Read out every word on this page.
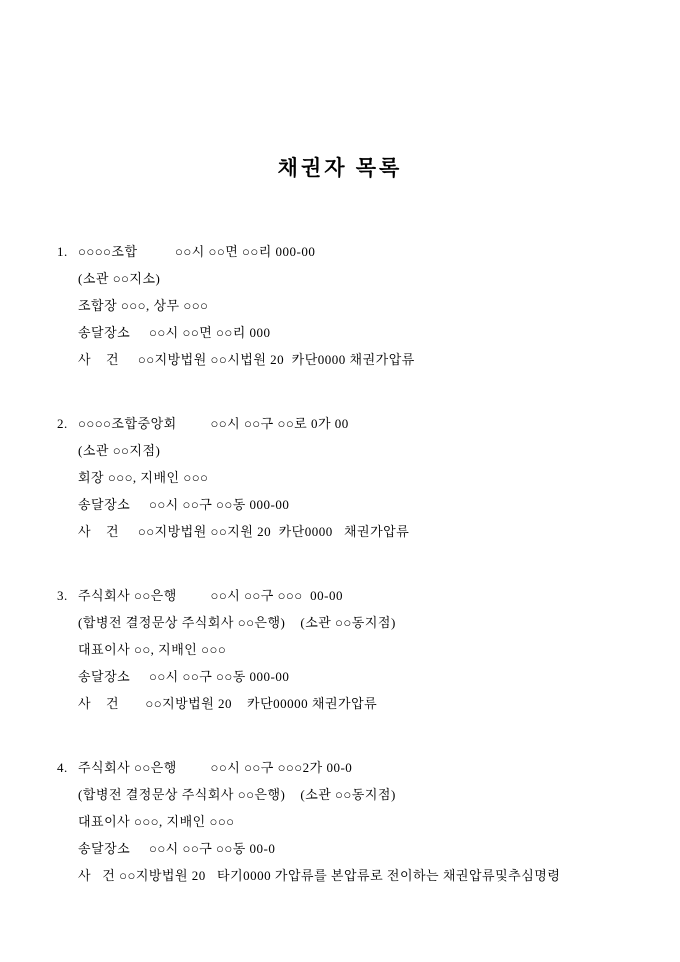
채권자 목록
1. ○○○○조합          ○○시 ○○면 ○○리 000-00
(소관 ○○지소)
조합장 ○○○, 상무 ○○○
송달장소     ○○시 ○○면 ○○리 000
사    건     ○○지방법원 ○○시법원 20  카단0000 채권가압류
2. ○○○○조합중앙회         ○○시 ○○구 ○○로 0가 00
(소관 ○○지점)
회장 ○○○, 지배인 ○○○
송달장소     ○○시 ○○구 ○○동 000-00
사    건     ○○지방법원 ○○지원 20  카단0000   채권가압류
3. 주식회사 ○○은행         ○○시 ○○구 ○○○  00-00
(합병전 결정문상 주식회사 ○○은행)    (소관 ○○동지점)
대표이사 ○○, 지배인 ○○○
송달장소     ○○시 ○○구 ○○동 000-00
사    건       ○○지방법원 20    카단00000 채권가압류
4. 주식회사 ○○은행         ○○시 ○○구 ○○○2가 00-0
(합병전 결정문상 주식회사 ○○은행)    (소관 ○○동지점)
대표이사 ○○○, 지배인 ○○○
송달장소     ○○시 ○○구 ○○동 00-0
사   건 ○○지방법원 20   타기0000 가압류를 본압류로 전이하는 채권압류및추심명령
